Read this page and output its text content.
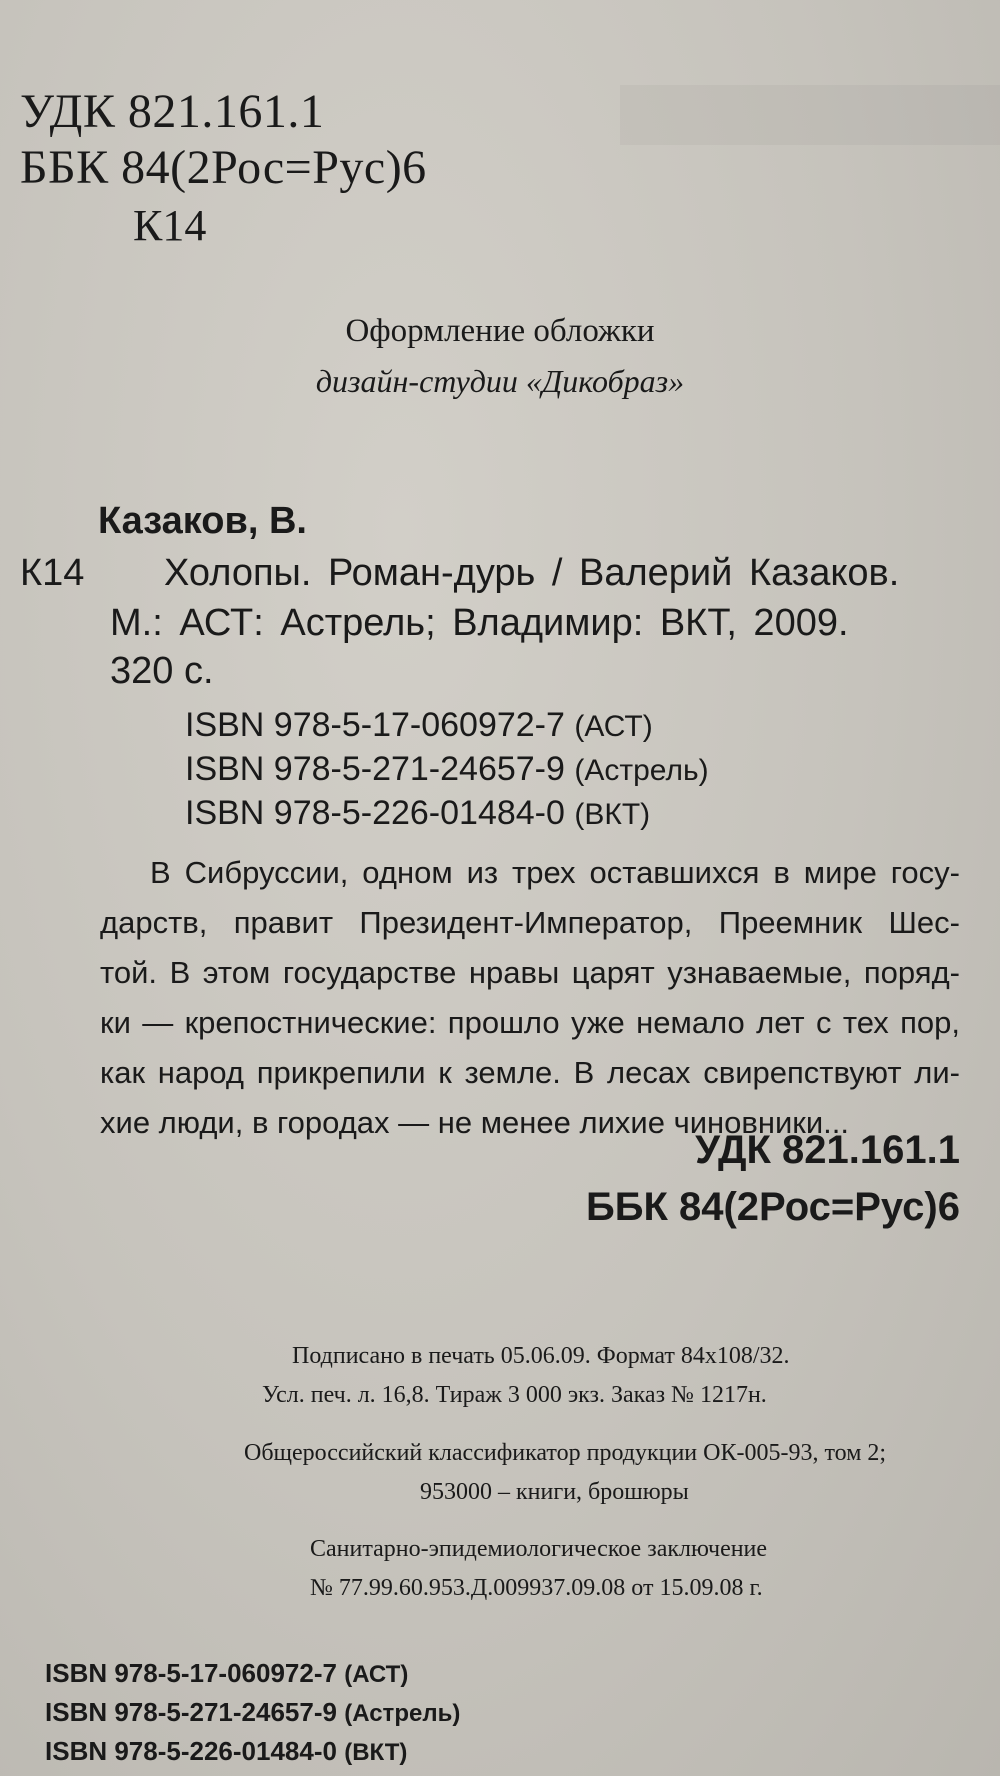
УДК 821.161.1
ББК 84(2Рос=Рус)6
К14
Оформление обложки
дизайн-студии «Дикобраз»
Казаков, В.
К14 Холопы. Роман-дурь / Валерий Казаков.
М.: АСТ: Астрель; Владимир: ВКТ, 2009.
320 с.
ISBN 978-5-17-060972-7 (АСТ)
ISBN 978-5-271-24657-9 (Астрель)
ISBN 978-5-226-01484-0 (ВКТ)
В Сибруссии, одном из трех оставшихся в мире госу-
дарств, правит Президент-Император, Преемник Шес-
той. В этом государстве нравы царят узнаваемые, поряд-
ки — крепостнические: прошло уже немало лет с тех пор,
как народ прикрепили к земле. В лесах свирепствуют ли-
хие люди, в городах — не менее лихие чиновники...
УДК 821.161.1
ББК 84(2Рос=Рус)6
Подписано в печать 05.06.09. Формат 84x108/32.
Усл. печ. л. 16,8. Тираж 3 000 экз. Заказ № 1217н.
Общероссийский классификатор продукции ОК-005-93, том 2;
953000 – книги, брошюры
Санитарно-эпидемиологическое заключение
№ 77.99.60.953.Д.009937.09.08 от 15.09.08 г.
ISBN 978-5-17-060972-7 (АСТ)
ISBN 978-5-271-24657-9 (Астрель)
ISBN 978-5-226-01484-0 (ВКТ)
